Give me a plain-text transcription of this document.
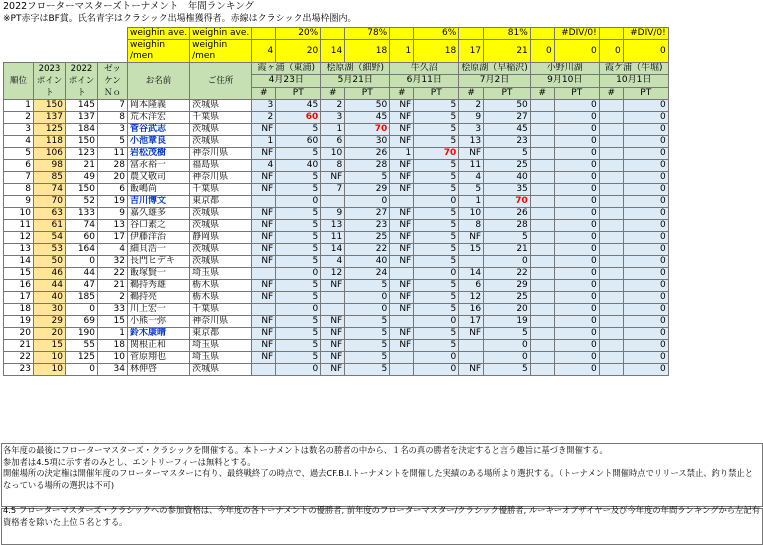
2022フローターマスターズトーナメント　年間ランキング
※PT赤字はBF賞。氏名青字はクラシック出場権獲得者。赤線はクラシック出場枠圏内。
				weighin ave.	weighin ave.		20%		78%		6%		81%		#DIV/0!		#DIV/0!
				weighin /men	weighin /men	4	20	14	18	1	18	17	21	0	0	0	0
順位	2023 ポイント	2022 ポイント	ゼッケン Ｎｏ	お名前	ご住所	霞ヶ浦（東浦)		桧原湖（細野)		牛久沼		桧原湖（早稲沢)		小野川湖		霞ケ浦（牛堀)	
						4月23日		5月21日		6月11日		7月2日		9月10日		10月1日	
						#	PT	#	PT	#	PT	#	PT	#	PT	#	PT
1	150	145	7	岡本隆義	茨城県	3	45	2	50	NF	5	2	50		0		0
2	137	137	8	荒木洋宏	千葉県	2	60	3	45	NF	5	9	27		0		0
3	125	184	3	菅谷武志	茨城県	NF	5	1	70	NF	5	3	45		0		0
4	118	150	5	小池章良	茨城県	1	60	6	30	NF	5	13	23		0		0
5	106	123	11	岩松茂樹	神奈川県	NF	5	10	26	1	70	NF	5		0		0
6	98	21	28	富永裕一	福島県	4	40	8	28	NF	5	11	25		0		0
7	85	49	20	農又敬司	神奈川県	NF	5	NF	5	NF	5	4	40		0		0
8	74	150	6	飯嶋尚	千葉県	NF	5	7	29	NF	5	5	35		0		0
9	70	52	19	吉川博文	東京都		0		0		0	1	70		0		0
10	63	133	9	嘉久雄多	茨城県	NF	5	9	27	NF	5	10	26		0		0
11	61	74	13	谷口素之	茨城県	NF	5	13	23	NF	5	8	28		0		0
12	54	60	17	伊藤洋治	静岡県	NF	5	11	25	NF	5	NF	5		0		0
13	53	164	4	細貝浩一	茨城県	NF	5	14	22	NF	5	15	21		0		0
14	50	0	32	長門ヒデキ	茨城県	NF	5	4	40	NF	5		0		0		0
15	46	44	22	飯塚賢一	埼玉県		0	12	24		0	14	22		0		0
16	44	47	21	鵜持秀雄	栃木県	NF	5	NF	5	NF	5	6	29		0		0
17	40	185	2	鵜持亮	栃木県	NF	5		0	NF	5	12	25		0		0
18	30	0	33	川上宏一	千葉県		0		0	NF	5	16	20		0		0
19	29	69	15	小熊一弥	神奈川県	NF	5	NF	5		0	17	19		0		0
20	20	190	1	鈴木康晴	東京都	NF	5	NF	5	NF	5	NF	5		0		0
21	15	55	18	関根正和	埼玉県	NF	5	NF	5	NF	5		0		0		0
22	10	125	10	菅原翔也	埼玉県	NF	5	NF	5		0		0		0		0
23	10	0	34	林伸啓	茨城県		0	NF	5		0	NF	5		0		0

各年度の最後にフローターマスターズ・クラシックを開催する。本トーナメントは数名の勝者の中から、１名の真の勝者を決定すると言う趣旨に基づき開催する。

参加者は4.5項に示す者のみとし、エントリーフィーは無料とする。

開催場所の決定権は開催年度のフローターマスターに有り、最終戦終了の時点で、過去CF.B.I.トーナメントを開催した実績のある場所より選択する。（トーナメント開催時点でリリース禁止、釣り禁止となっている場所の選択は不可)

4.5 フローターマスターズ・クラシックへの参加資格は、今年度の各トーナメントの優勝者, 前年度のフローターマスター/クラシック優勝者, ルーキーオブザイヤー及び今年度の年間ランキングから左記有資格者を除いた上位５名とする。
